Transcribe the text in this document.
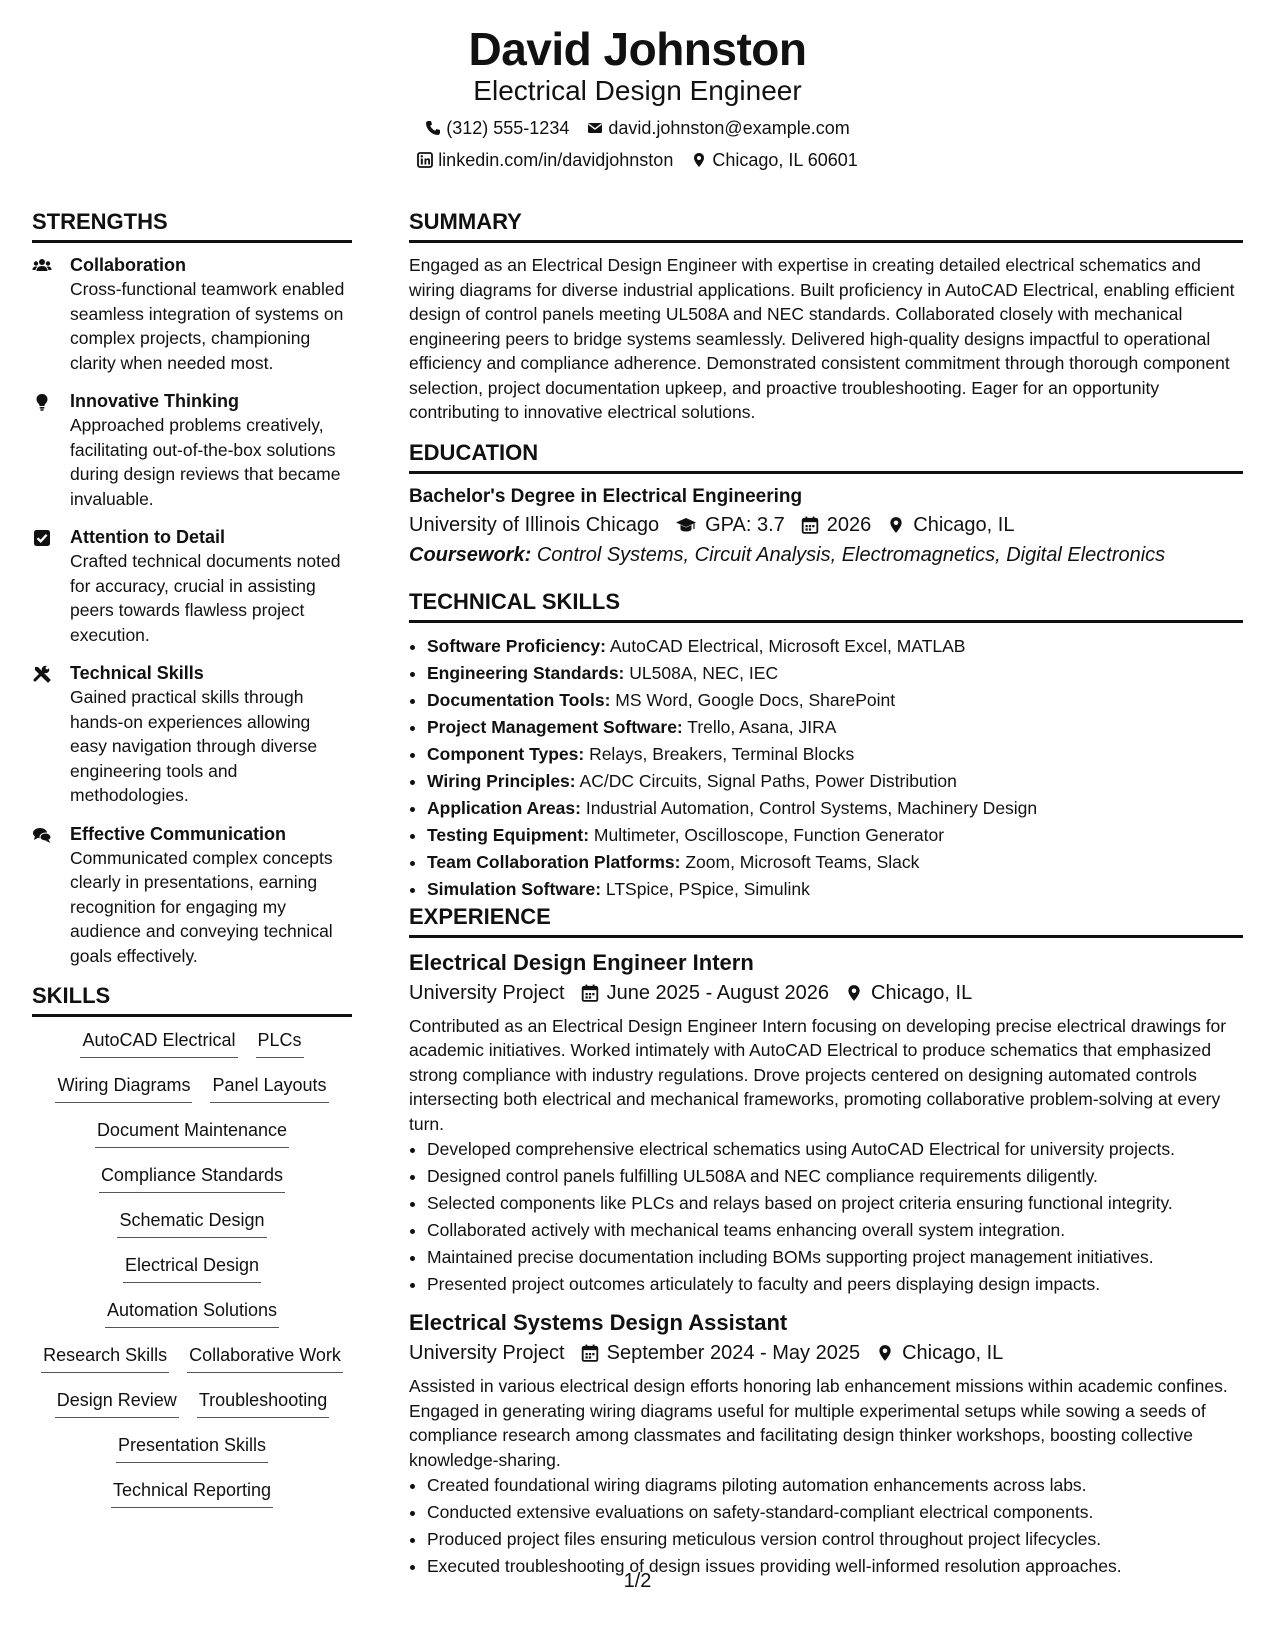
David Johnston
Electrical Design Engineer
(312) 555-1234 david.johnston@example.com
linkedin.com/in/davidjohnston Chicago, IL 60601
STRENGTHS
Collaboration
Cross-functional teamwork enabled seamless integration of systems on complex projects, championing clarity when needed most.
Innovative Thinking
Approached problems creatively, facilitating out-of-the-box solutions during design reviews that became invaluable.
Attention to Detail
Crafted technical documents noted for accuracy, crucial in assisting peers towards flawless project execution.
Technical Skills
Gained practical skills through hands-on experiences allowing easy navigation through diverse engineering tools and methodologies.
Effective Communication
Communicated complex concepts clearly in presentations, earning recognition for engaging my audience and conveying technical goals effectively.
SKILLS
AutoCAD Electrical PLCs
Wiring Diagrams Panel Layouts
Document Maintenance
Compliance Standards
Schematic Design
Electrical Design
Automation Solutions
Research Skills Collaborative Work
Design Review Troubleshooting
Presentation Skills
Technical Reporting
SUMMARY
Engaged as an Electrical Design Engineer with expertise in creating detailed electrical schematics and wiring diagrams for diverse industrial applications. Built proficiency in AutoCAD Electrical, enabling efficient design of control panels meeting UL508A and NEC standards. Collaborated closely with mechanical engineering peers to bridge systems seamlessly. Delivered high-quality designs impactful to operational efficiency and compliance adherence. Demonstrated consistent commitment through thorough component selection, project documentation upkeep, and proactive troubleshooting. Eager for an opportunity contributing to innovative electrical solutions.
EDUCATION
Bachelor's Degree in Electrical Engineering
University of Illinois Chicago GPA: 3.7 2026 Chicago, IL
Coursework: Control Systems, Circuit Analysis, Electromagnetics, Digital Electronics
TECHNICAL SKILLS
• Software Proficiency: AutoCAD Electrical, Microsoft Excel, MATLAB
• Engineering Standards: UL508A, NEC, IEC
• Documentation Tools: MS Word, Google Docs, SharePoint
• Project Management Software: Trello, Asana, JIRA
• Component Types: Relays, Breakers, Terminal Blocks
• Wiring Principles: AC/DC Circuits, Signal Paths, Power Distribution
• Application Areas: Industrial Automation, Control Systems, Machinery Design
• Testing Equipment: Multimeter, Oscilloscope, Function Generator
• Team Collaboration Platforms: Zoom, Microsoft Teams, Slack
• Simulation Software: LTSpice, PSpice, Simulink
EXPERIENCE
Electrical Design Engineer Intern
University Project June 2025 - August 2026 Chicago, IL
Contributed as an Electrical Design Engineer Intern focusing on developing precise electrical drawings for academic initiatives. Worked intimately with AutoCAD Electrical to produce schematics that emphasized strong compliance with industry regulations. Drove projects centered on designing automated controls intersecting both electrical and mechanical frameworks, promoting collaborative problem-solving at every turn.
• Developed comprehensive electrical schematics using AutoCAD Electrical for university projects.
• Designed control panels fulfilling UL508A and NEC compliance requirements diligently.
• Selected components like PLCs and relays based on project criteria ensuring functional integrity.
• Collaborated actively with mechanical teams enhancing overall system integration.
• Maintained precise documentation including BOMs supporting project management initiatives.
• Presented project outcomes articulately to faculty and peers displaying design impacts.
Electrical Systems Design Assistant
University Project September 2024 - May 2025 Chicago, IL
Assisted in various electrical design efforts honoring lab enhancement missions within academic confines. Engaged in generating wiring diagrams useful for multiple experimental setups while sowing a seeds of compliance research among classmates and facilitating design thinker workshops, boosting collective knowledge-sharing.
• Created foundational wiring diagrams piloting automation enhancements across labs.
• Conducted extensive evaluations on safety-standard-compliant electrical components.
• Produced project files ensuring meticulous version control throughout project lifecycles.
• Executed troubleshooting of design issues providing well-informed resolution approaches.
1/2
